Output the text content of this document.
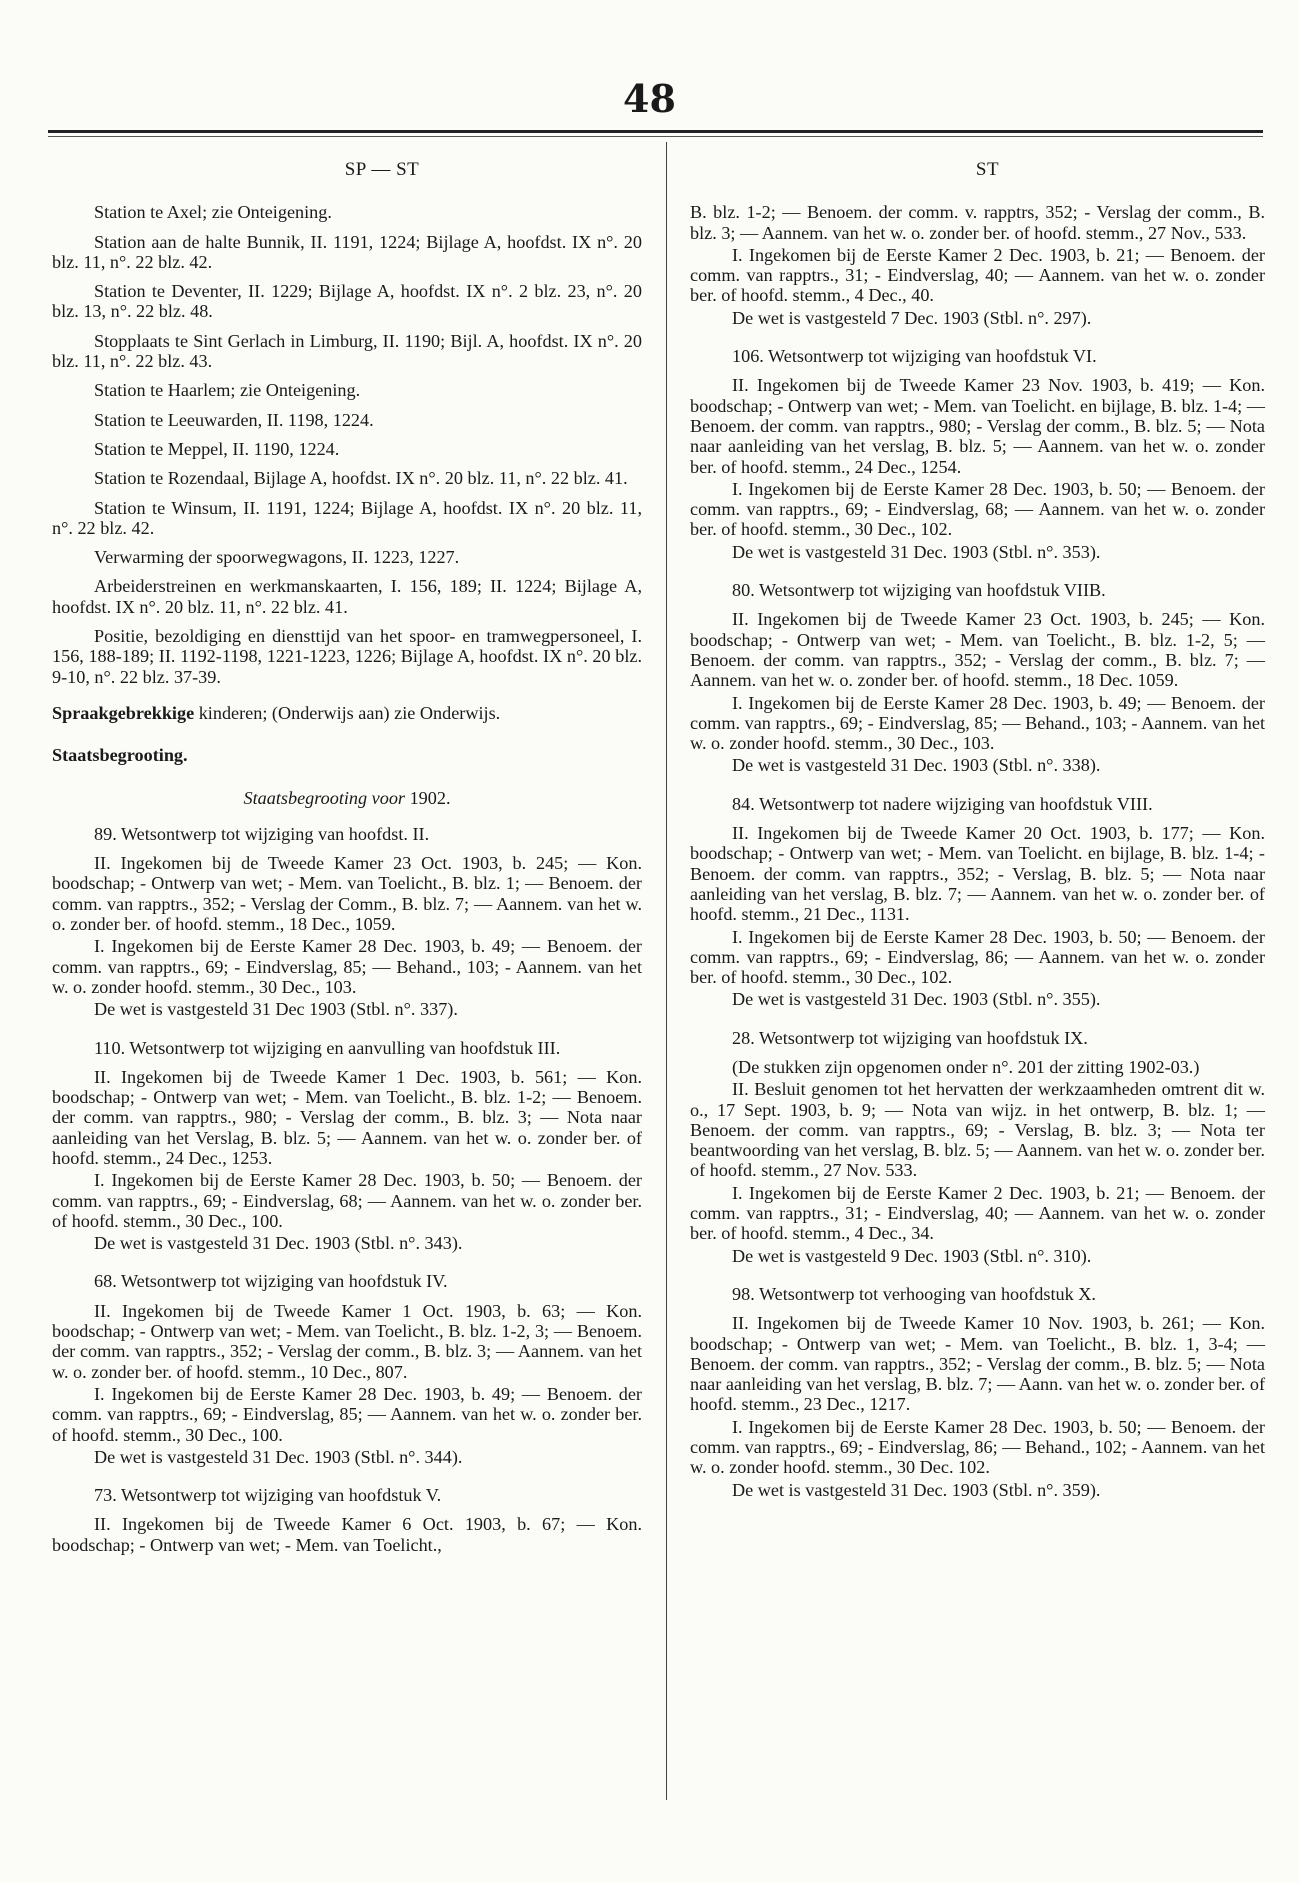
48
SP — ST

Station te Axel; zie Onteigening.

Station aan de halte Bunnik, II. 1191, 1224; Bijlage A, hoofdst. IX n°. 20 blz. 11, n°. 22 blz. 42.

Station te Deventer, II. 1229; Bijlage A, hoofdst. IX n°. 2 blz. 23, n°. 20 blz. 13, n°. 22 blz. 48.

Stopplaats te Sint Gerlach in Limburg, II. 1190; Bijl. A, hoofdst. IX n°. 20 blz. 11, n°. 22 blz. 43.

Station te Haarlem; zie Onteigening.

Station te Leeuwarden, II. 1198, 1224.

Station te Meppel, II. 1190, 1224.

Station te Rozendaal, Bijlage A, hoofdst. IX n°. 20 blz. 11, n°. 22 blz. 41.

Station te Winsum, II. 1191, 1224; Bijlage A, hoofdst. IX n°. 20 blz. 11, n°. 22 blz. 42.

Verwarming der spoorwegwagons, II. 1223, 1227.

Arbeiderstreinen en werkmanskaarten, I. 156, 189; II. 1224; Bijlage A, hoofdst. IX n°. 20 blz. 11, n°. 22 blz. 41.

Positie, bezoldiging en diensttijd van het spoor- en tramwegpersoneel, I. 156, 188-189; II. 1192-1198, 1221-1223, 1226; Bijlage A, hoofdst. IX n°. 20 blz. 9-10, n°. 22 blz. 37-39.

Spraakgebrekkige kinderen; (Onderwijs aan) zie Onderwijs.

Staatsbegrooting.

Staatsbegrooting voor 1902.

89. Wetsontwerp tot wijziging van hoofdst. II.

II. Ingekomen bij de Tweede Kamer 23 Oct. 1903, b. 245; — Kon. boodschap; - Ontwerp van wet; - Mem. van Toelicht., B. blz. 1; — Benoem. der comm. van rapptrs., 352; - Verslag der Comm., B. blz. 7; — Aannem. van het w. o. zonder ber. of hoofd. stemm., 18 Dec., 1059.

I. Ingekomen bij de Eerste Kamer 28 Dec. 1903, b. 49; — Benoem. der comm. van rapptrs., 69; - Eindverslag, 85; — Behand., 103; - Aannem. van het w. o. zonder hoofd. stemm., 30 Dec., 103.

De wet is vastgesteld 31 Dec 1903 (Stbl. n°. 337).

110. Wetsontwerp tot wijziging en aanvulling van hoofdstuk III.

II. Ingekomen bij de Tweede Kamer 1 Dec. 1903, b. 561; — Kon. boodschap; - Ontwerp van wet; - Mem. van Toelicht., B. blz. 1-2; — Benoem. der comm. van rapptrs., 980; - Verslag der comm., B. blz. 3; — Nota naar aanleiding van het Verslag, B. blz. 5; — Aannem. van het w. o. zonder ber. of hoofd. stemm., 24 Dec., 1253.

I. Ingekomen bij de Eerste Kamer 28 Dec. 1903, b. 50; — Benoem. der comm. van rapptrs., 69; - Eindverslag, 68; — Aannem. van het w. o. zonder ber. of hoofd. stemm., 30 Dec., 100.

De wet is vastgesteld 31 Dec. 1903 (Stbl. n°. 343).

68. Wetsontwerp tot wijziging van hoofdstuk IV.

II. Ingekomen bij de Tweede Kamer 1 Oct. 1903, b. 63; — Kon. boodschap; - Ontwerp van wet; - Mem. van Toelicht., B. blz. 1-2, 3; — Benoem. der comm. van rapptrs., 352; - Verslag der comm., B. blz. 3; — Aannem. van het w. o. zonder ber. of hoofd. stemm., 10 Dec., 807.

I. Ingekomen bij de Eerste Kamer 28 Dec. 1903, b. 49; — Benoem. der comm. van rapptrs., 69; - Eindverslag, 85; — Aannem. van het w. o. zonder ber. of hoofd. stemm., 30 Dec., 100.

De wet is vastgesteld 31 Dec. 1903 (Stbl. n°. 344).

73. Wetsontwerp tot wijziging van hoofdstuk V.

II. Ingekomen bij de Tweede Kamer 6 Oct. 1903, b. 67; — Kon. boodschap; - Ontwerp van wet; - Mem. van Toelicht.,

ST

B. blz. 1-2; — Benoem. der comm. v. rapptrs, 352; - Verslag der comm., B. blz. 3; — Aannem. van het w. o. zonder ber. of hoofd. stemm., 27 Nov., 533.

I. Ingekomen bij de Eerste Kamer 2 Dec. 1903, b. 21; — Benoem. der comm. van rapptrs., 31; - Eindverslag, 40; — Aannem. van het w. o. zonder ber. of hoofd. stemm., 4 Dec., 40.

De wet is vastgesteld 7 Dec. 1903 (Stbl. n°. 297).

106. Wetsontwerp tot wijziging van hoofdstuk VI.

II. Ingekomen bij de Tweede Kamer 23 Nov. 1903, b. 419; — Kon. boodschap; - Ontwerp van wet; - Mem. van Toelicht. en bijlage, B. blz. 1-4; — Benoem. der comm. van rapptrs., 980; - Verslag der comm., B. blz. 5; — Nota naar aanleiding van het verslag, B. blz. 5; — Aannem. van het w. o. zonder ber. of hoofd. stemm., 24 Dec., 1254.

I. Ingekomen bij de Eerste Kamer 28 Dec. 1903, b. 50; — Benoem. der comm. van rapptrs., 69; - Eindverslag, 68; — Aannem. van het w. o. zonder ber. of hoofd. stemm., 30 Dec., 102.

De wet is vastgesteld 31 Dec. 1903 (Stbl. n°. 353).

80. Wetsontwerp tot wijziging van hoofdstuk VIIB.

II. Ingekomen bij de Tweede Kamer 23 Oct. 1903, b. 245; — Kon. boodschap; - Ontwerp van wet; - Mem. van Toelicht., B. blz. 1-2, 5; — Benoem. der comm. van rapptrs., 352; - Verslag der comm., B. blz. 7; — Aannem. van het w. o. zonder ber. of hoofd. stemm., 18 Dec. 1059.

I. Ingekomen bij de Eerste Kamer 28 Dec. 1903, b. 49; — Benoem. der comm. van rapptrs., 69; - Eindverslag, 85; — Behand., 103; - Aannem. van het w. o. zonder hoofd. stemm., 30 Dec., 103.

De wet is vastgesteld 31 Dec. 1903 (Stbl. n°. 338).

84. Wetsontwerp tot nadere wijziging van hoofdstuk VIII.

II. Ingekomen bij de Tweede Kamer 20 Oct. 1903, b. 177; — Kon. boodschap; - Ontwerp van wet; - Mem. van Toelicht. en bijlage, B. blz. 1-4; - Benoem. der comm. van rapptrs., 352; - Verslag, B. blz. 5; — Nota naar aanleiding van het verslag, B. blz. 7; — Aannem. van het w. o. zonder ber. of hoofd. stemm., 21 Dec., 1131.

I. Ingekomen bij de Eerste Kamer 28 Dec. 1903, b. 50; — Benoem. der comm. van rapptrs., 69; - Eindverslag, 86; — Aannem. van het w. o. zonder ber. of hoofd. stemm., 30 Dec., 102.

De wet is vastgesteld 31 Dec. 1903 (Stbl. n°. 355).

28. Wetsontwerp tot wijziging van hoofdstuk IX.

(De stukken zijn opgenomen onder n°. 201 der zitting 1902-03.)

II. Besluit genomen tot het hervatten der werkzaamheden omtrent dit w. o., 17 Sept. 1903, b. 9; — Nota van wijz. in het ontwerp, B. blz. 1; — Benoem. der comm. van rapptrs., 69; - Verslag, B. blz. 3; — Nota ter beantwoording van het verslag, B. blz. 5; — Aannem. van het w. o. zonder ber. of hoofd. stemm., 27 Nov. 533.

I. Ingekomen bij de Eerste Kamer 2 Dec. 1903, b. 21; — Benoem. der comm. van rapptrs., 31; - Eindverslag, 40; — Aannem. van het w. o. zonder ber. of hoofd. stemm., 4 Dec., 34.

De wet is vastgesteld 9 Dec. 1903 (Stbl. n°. 310).

98. Wetsontwerp tot verhooging van hoofdstuk X.

II. Ingekomen bij de Tweede Kamer 10 Nov. 1903, b. 261; — Kon. boodschap; - Ontwerp van wet; - Mem. van Toelicht., B. blz. 1, 3-4; — Benoem. der comm. van rapptrs., 352; - Verslag der comm., B. blz. 5; — Nota naar aanleiding van het verslag, B. blz. 7; — Aann. van het w. o. zonder ber. of hoofd. stemm., 23 Dec., 1217.

I. Ingekomen bij de Eerste Kamer 28 Dec. 1903, b. 50; — Benoem. der comm. van rapptrs., 69; - Eindverslag, 86; — Behand., 102; - Aannem. van het w. o. zonder hoofd. stemm., 30 Dec. 102.

De wet is vastgesteld 31 Dec. 1903 (Stbl. n°. 359).
